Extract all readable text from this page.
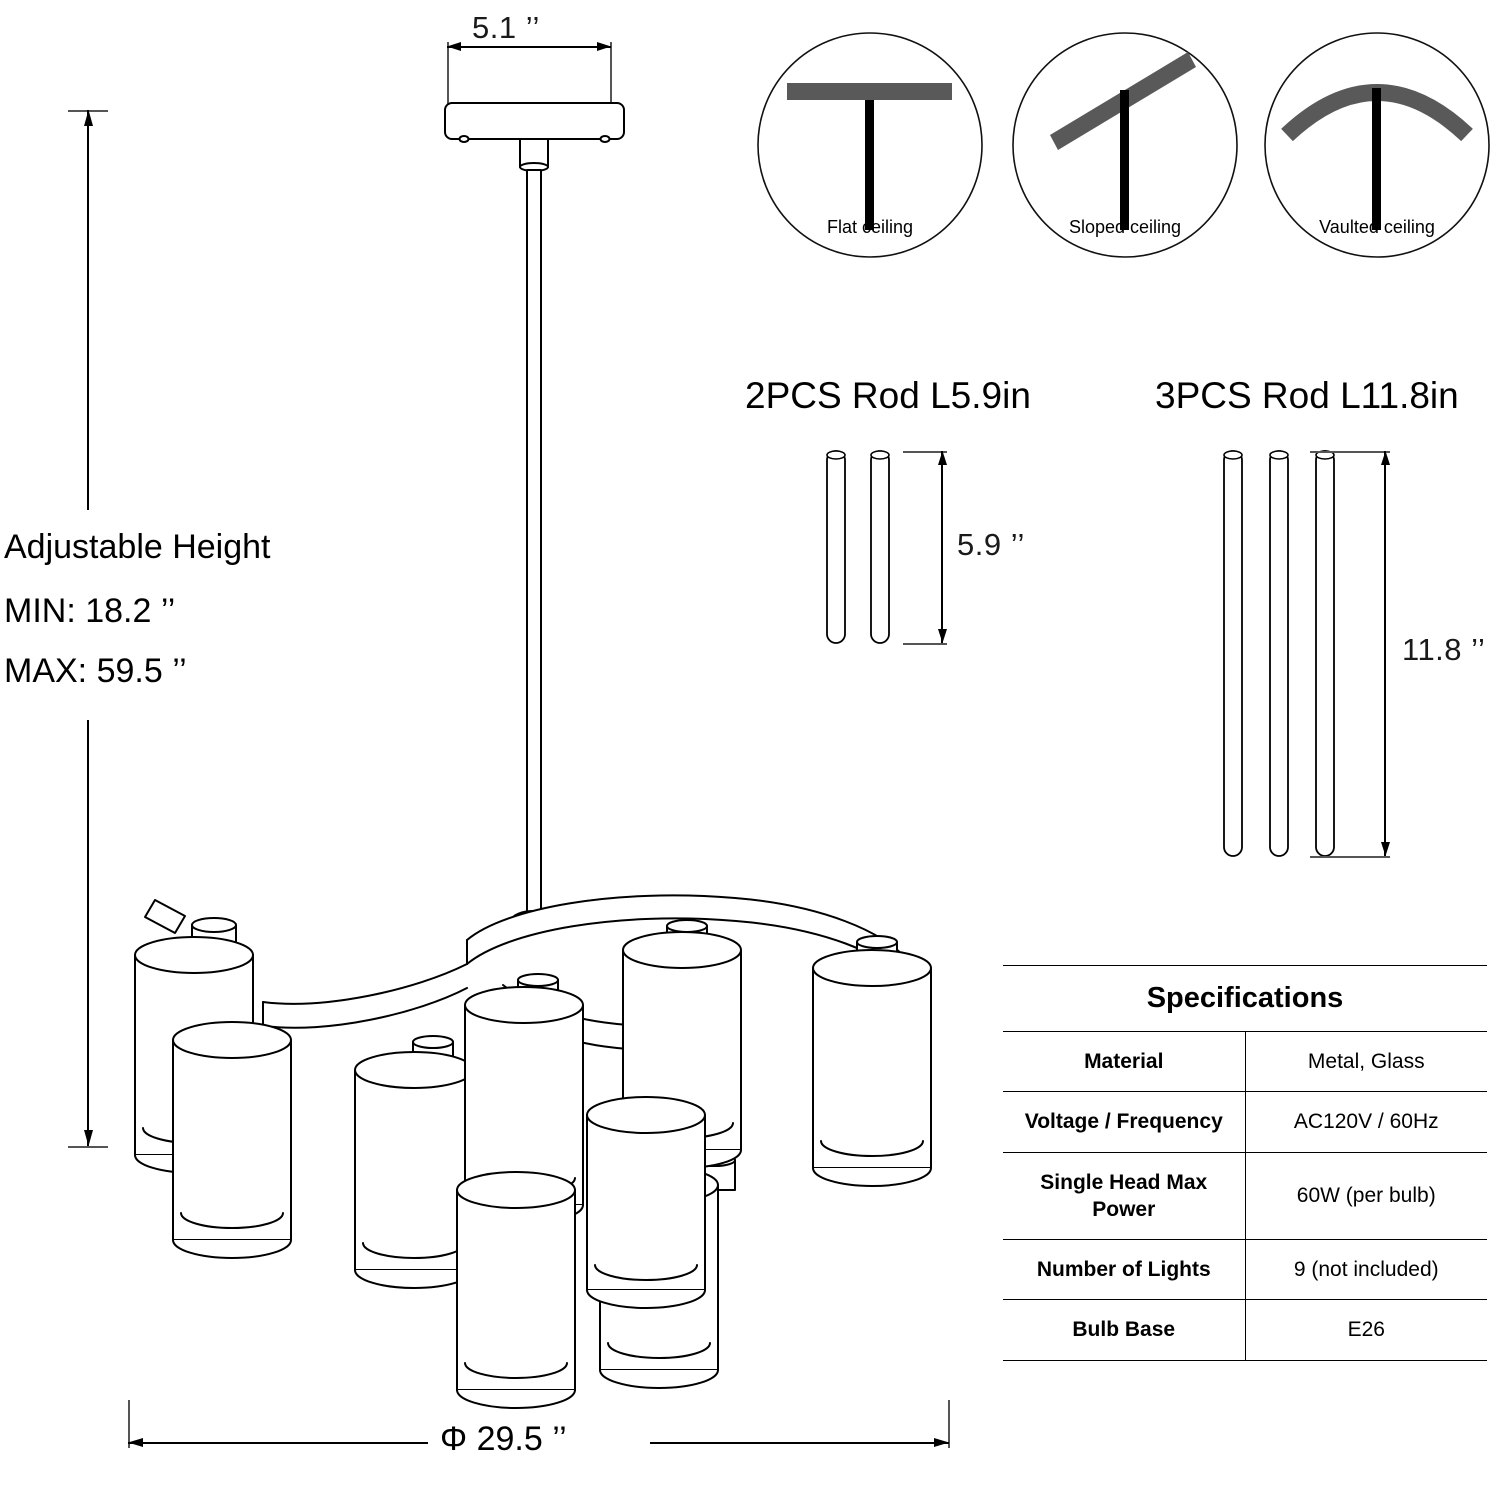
5.1 ’’
Flat ceiling	Sloped ceiling	Vaulted ceiling
2PCS Rod L5.9in
5.9 ’’
3PCS Rod L11.8in
11.8 ’’
Adjustable Height
MIN: 18.2 ’’
MAX: 59.5 ’’
Φ 29.5 ’’
Specifications	
Material	Metal, Glass
Voltage / Frequency	AC120V / 60Hz
Single Head Max Power	60W (per bulb)
Number of Lights	9 (not included)
Bulb Base	E26
